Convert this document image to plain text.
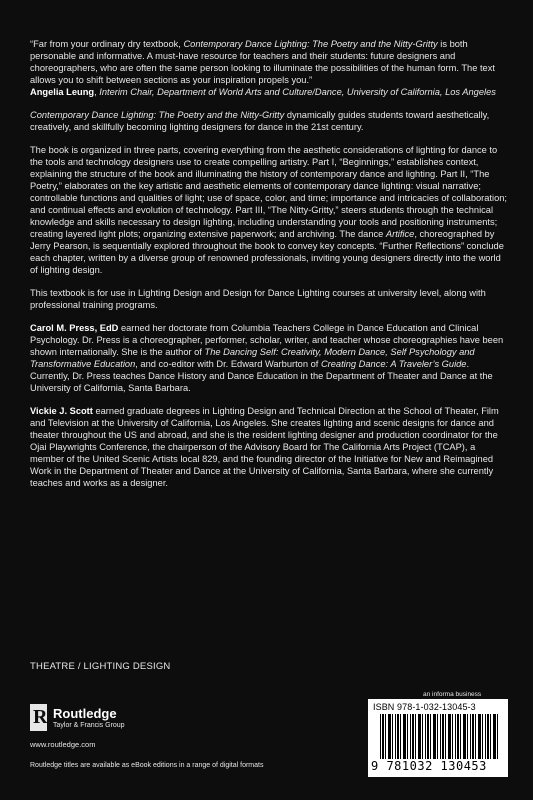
“Far from your ordinary dry textbook, Contemporary Dance Lighting: The Poetry and the Nitty-Gritty is both personable and informative. A must-have resource for teachers and their students: future designers and choreographers, who are often the same person looking to illuminate the possibilities of the human form. The text allows you to shift between sections as your inspiration propels you.”

Angelia Leung, Interim Chair, Department of World Arts and Culture/Dance, University of California, Los Angeles

Contemporary Dance Lighting: The Poetry and the Nitty-Gritty dynamically guides students toward aesthetically, creatively, and skillfully becoming lighting designers for dance in the 21st century.

The book is organized in three parts, covering everything from the aesthetic considerations of lighting for dance to the tools and technology designers use to create compelling artistry. Part I, “Beginnings,” establishes context, explaining the structure of the book and illuminating the history of contemporary dance and lighting. Part II, “The Poetry,” elaborates on the key artistic and aesthetic elements of contemporary dance lighting: visual narrative; controllable functions and qualities of light; use of space, color, and time; importance and intricacies of collaboration; and continual effects and evolution of technology. Part III, “The Nitty-Gritty,” steers students through the technical knowledge and skills necessary to design lighting, including understanding your tools and positioning instruments; creating layered light plots; organizing extensive paperwork; and archiving. The dance Artifice, choreographed by Jerry Pearson, is sequentially explored throughout the book to convey key concepts. “Further Reflections” conclude each chapter, written by a diverse group of renowned professionals, inviting young designers directly into the world of lighting design.

This textbook is for use in Lighting Design and Design for Dance Lighting courses at university level, along with professional training programs.

Carol M. Press, EdD earned her doctorate from Columbia Teachers College in Dance Education and Clinical Psychology. Dr. Press is a choreographer, performer, scholar, writer, and teacher whose choreographies have been shown internationally. She is the author of The Dancing Self: Creativity, Modern Dance, Self Psychology and Transformative Education, and co-editor with Dr. Edward Warburton of Creating Dance: A Traveler’s Guide. Currently, Dr. Press teaches Dance History and Dance Education in the Department of Theater and Dance at the University of California, Santa Barbara.

Vickie J. Scott earned graduate degrees in Lighting Design and Technical Direction at the School of Theater, Film and Television at the University of California, Los Angeles. She creates lighting and scenic designs for dance and theater throughout the US and abroad, and she is the resident lighting designer and production coordinator for the Ojai Playwrights Conference, the chairperson of the Advisory Board for The California Arts Project (TCAP), a member of the United Scenic Artists local 829, and the founding director of the Initiative for New and Reimagined Work in the Department of Theater and Dance at the University of California, Santa Barbara, where she currently teaches and works as a designer.

THEATRE / LIGHTING DESIGN
R Routledge
Taylor & Francis Group
www.routledge.com
Routledge titles are available as eBook editions in a range of digital formats
an informa business
ISBN 978-1-032-13045-3
9 781032 130453
